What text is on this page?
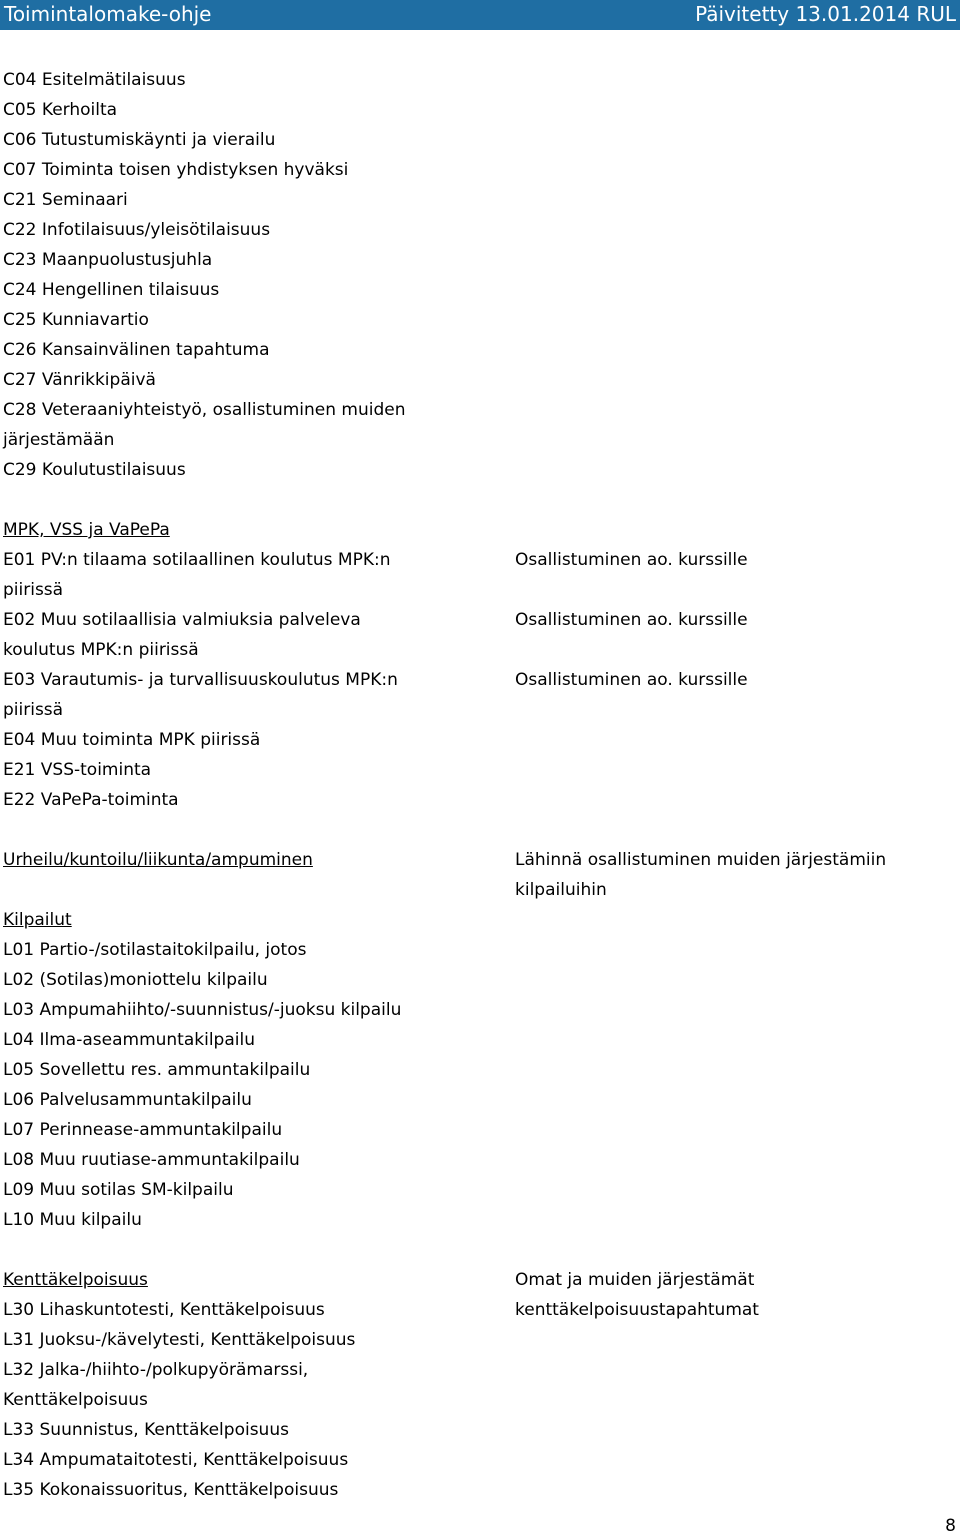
Toimintalomake-ohje	Päivitetty 13.01.2014 RUL
C04 Esitelmätilaisuus
C05 Kerhoilta
C06 Tutustumiskäynti ja vierailu
C07 Toiminta toisen yhdistyksen hyväksi
C21 Seminaari
C22 Infotilaisuus/yleisötilaisuus
C23 Maanpuolustusjuhla
C24 Hengellinen tilaisuus
C25 Kunniavartio
C26 Kansainvälinen tapahtuma
C27 Vänrikkipäivä
C28 Veteraaniyhteistyö, osallistuminen muiden
järjestämään
C29 Koulutustilaisuus
MPK, VSS ja VaPePa
E01 PV:n tilaama sotilaallinen koulutus MPK:n
piirissä
E02 Muu sotilaallisia valmiuksia palveleva
koulutus MPK:n piirissä
E03 Varautumis- ja turvallisuuskoulutus MPK:n
piirissä
E04 Muu toiminta MPK piirissä
E21 VSS-toiminta
E22 VaPePa-toiminta
Urheilu/kuntoilu/liikunta/ampuminen
Kilpailut
L01 Partio-/sotilastaitokilpailu, jotos
L02 (Sotilas)moniottelu kilpailu
L03 Ampumahiihto/-suunnistus/-juoksu kilpailu
L04 Ilma-aseammuntakilpailu
L05 Sovellettu res. ammuntakilpailu
L06 Palvelusammuntakilpailu
L07 Perinnease-ammuntakilpailu
L08 Muu ruutiase-ammuntakilpailu
L09 Muu sotilas SM-kilpailu
L10 Muu kilpailu
Kenttäkelpoisuus
L30 Lihaskuntotesti, Kenttäkelpoisuus
L31 Juoksu-/kävelytesti, Kenttäkelpoisuus
L32 Jalka-/hiihto-/polkupyörämarssi,
Kenttäkelpoisuus
L33 Suunnistus, Kenttäkelpoisuus
L34 Ampumataitotesti, Kenttäkelpoisuus
L35 Kokonaissuoritus, Kenttäkelpoisuus
Osallistuminen ao. kurssille
Osallistuminen ao. kurssille
Osallistuminen ao. kurssille
Lähinnä osallistuminen muiden järjestämiin
kilpailuihin
Omat ja muiden järjestämät
kenttäkelpoisuustapahtumat
8
